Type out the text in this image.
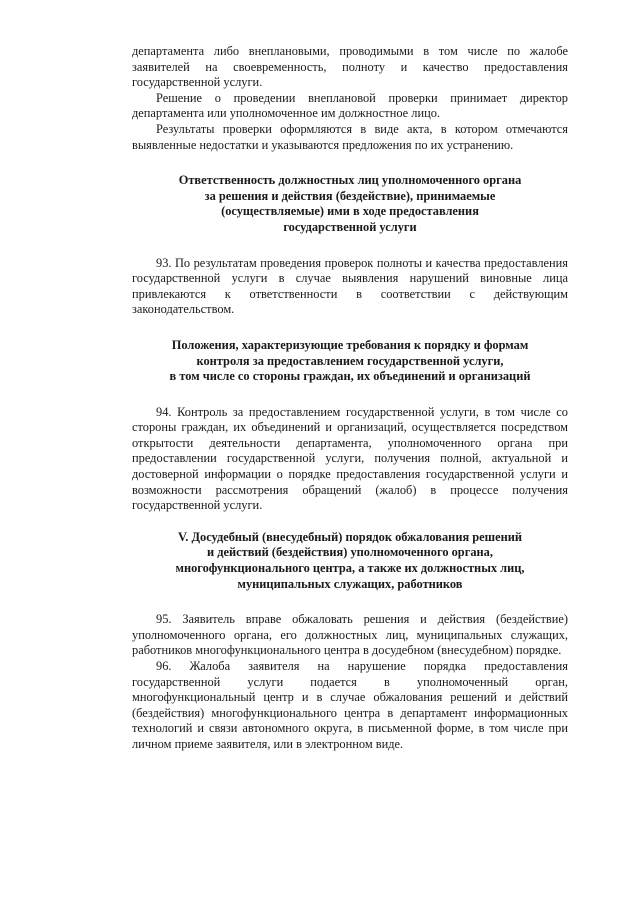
департамента либо внеплановыми, проводимыми в том числе по жалобе заявителей на своевременность, полноту и качество предоставления государственной услуги.

Решение о проведении внеплановой проверки принимает директор департамента или уполномоченное им должностное лицо.

Результаты проверки оформляются в виде акта, в котором отмечаются выявленные недостатки и указываются предложения по их устранению.

Ответственность должностных лиц уполномоченного органа

за решения и действия (бездействие), принимаемые

(осуществляемые) ими в ходе предоставления

государственной услуги

93. По результатам проведения проверок полноты и качества предоставления государственной услуги в случае выявления нарушений виновные лица привлекаются к ответственности в соответствии с действующим законодательством.

Положения, характеризующие требования к порядку и формам

контроля за предоставлением государственной услуги,

в том числе со стороны граждан, их объединений и организаций

94. Контроль за предоставлением государственной услуги, в том числе со стороны граждан, их объединений и организаций, осуществляется посредством открытости деятельности департамента, уполномоченного органа при предоставлении государственной услуги, получения полной, актуальной и достоверной информации о порядке предоставления государственной услуги и возможности рассмотрения обращений (жалоб) в процессе получения государственной услуги.

V. Досудебный (внесудебный) порядок обжалования решений

и действий (бездействия) уполномоченного органа,

многофункционального центра, а также их должностных лиц,

муниципальных служащих, работников

95. Заявитель вправе обжаловать решения и действия (бездействие) уполномоченного органа, его должностных лиц, муниципальных служащих, работников многофункционального центра в досудебном (внесудебном) порядке.

96. Жалоба заявителя на нарушение порядка предоставления государственной услуги подается в уполномоченный орган, многофункциональный центр и в случае обжалования решений и действий (бездействия) многофункционального центра в департамент информационных технологий и связи автономного округа, в письменной форме, в том числе при личном приеме заявителя, или в электронном виде.
